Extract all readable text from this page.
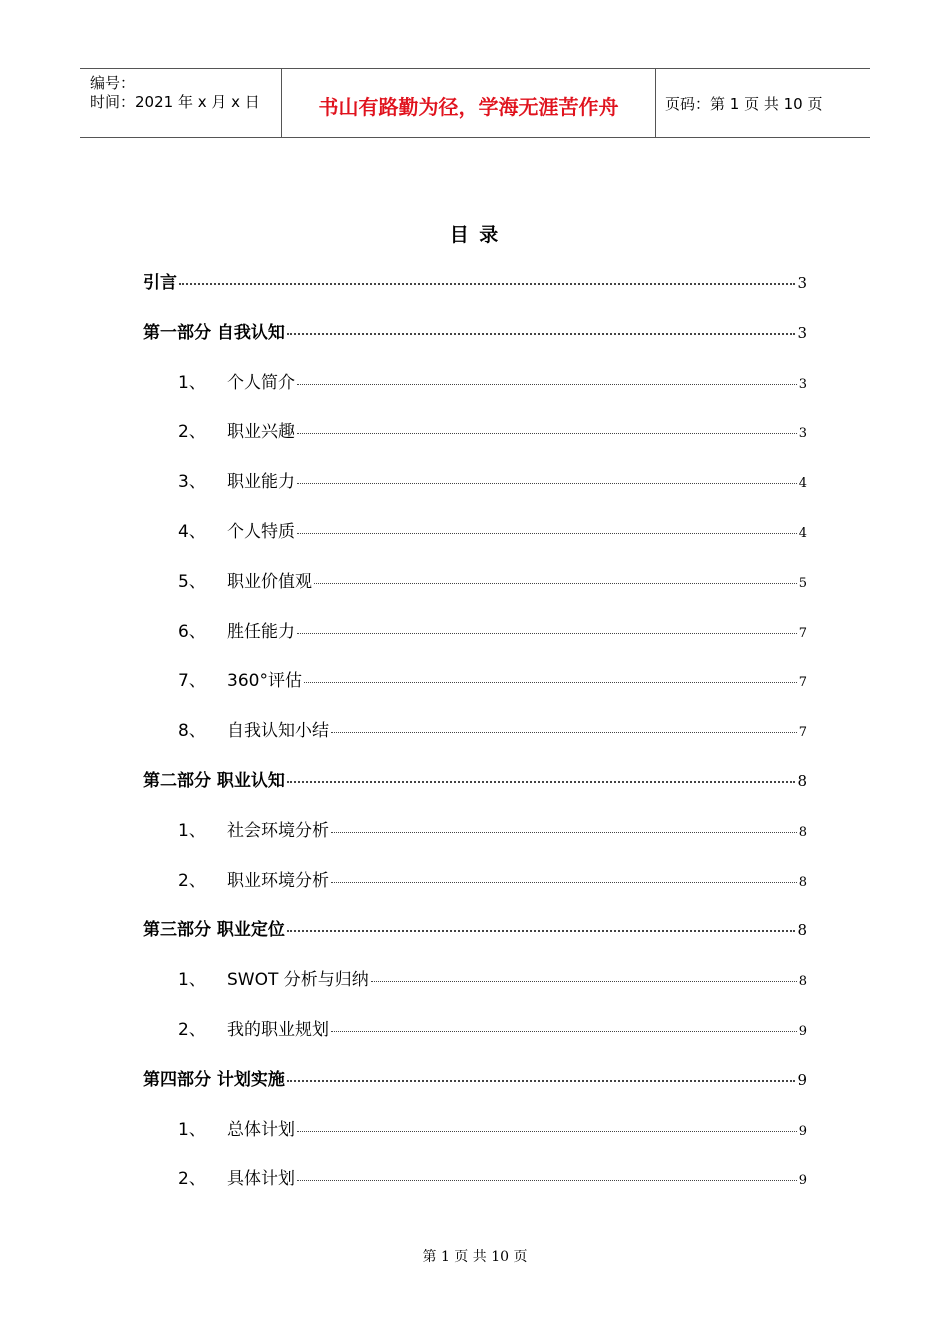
编号：
时间：2021 年 x 月 x 日	书山有路勤为径，学海无涯苦作舟	页码：第 1 页 共 10 页
目 录
引言	3
第一部分 自我认知	3
1、	个人简介	3
2、	职业兴趣	3
3、	职业能力	4
4、	个人特质	4
5、	职业价值观	5
6、	胜任能力	7
7、	360°评估	7
8、	自我认知小结	7
第二部分 职业认知	8
1、	社会环境分析	8
2、	职业环境分析	8
第三部分 职业定位	8
1、	SWOT 分析与归纳	8
2、	我的职业规划	9
第四部分 计划实施	9
1、	总体计划	9
2、	具体计划	9
第 1 页 共 10 页
